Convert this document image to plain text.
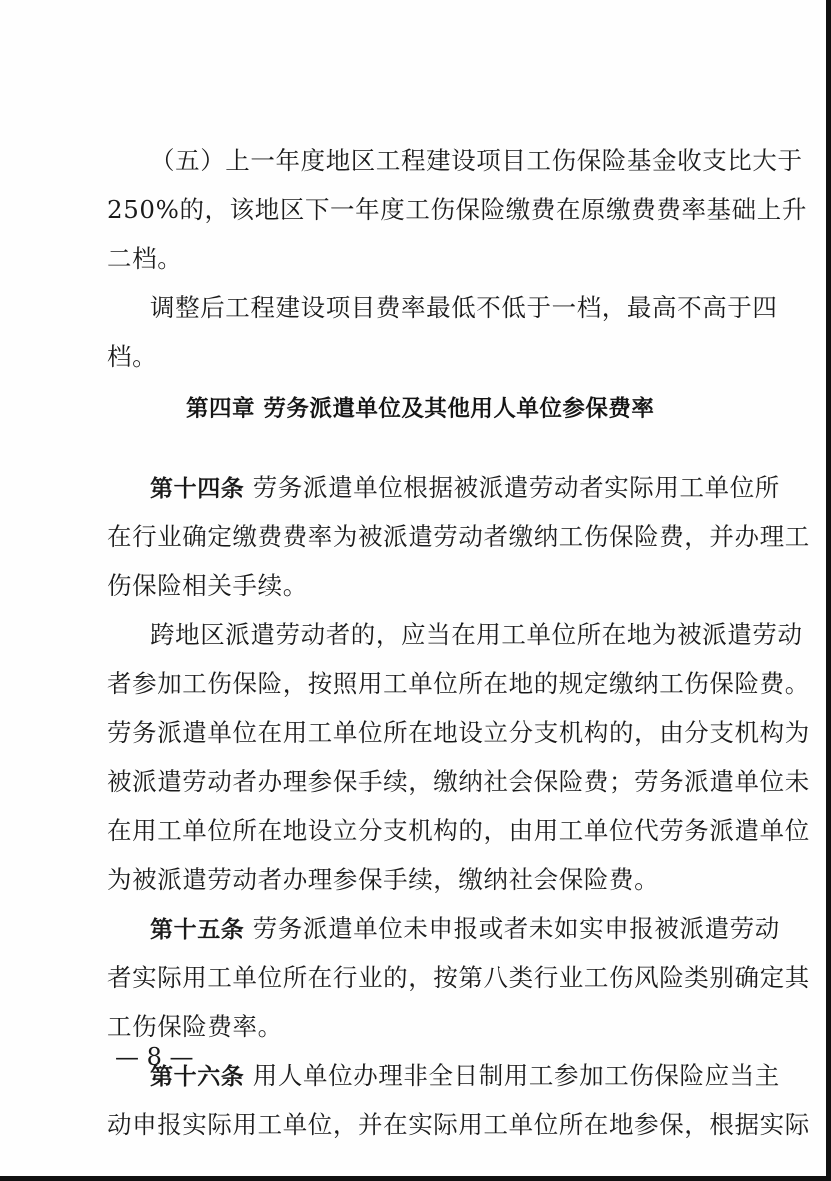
（五）上一年度地区工程建设项目工伤保险基金收支比大于
250%的，该地区下一年度工伤保险缴费在原缴费费率基础上升
二档。
调整后工程建设项目费率最低不低于一档，最高不高于四
档。
第四章 劳务派遣单位及其他用人单位参保费率
第十四条 劳务派遣单位根据被派遣劳动者实际用工单位所
在行业确定缴费费率为被派遣劳动者缴纳工伤保险费，并办理工
伤保险相关手续。
跨地区派遣劳动者的，应当在用工单位所在地为被派遣劳动
者参加工伤保险，按照用工单位所在地的规定缴纳工伤保险费。
劳务派遣单位在用工单位所在地设立分支机构的，由分支机构为
被派遣劳动者办理参保手续，缴纳社会保险费；劳务派遣单位未
在用工单位所在地设立分支机构的，由用工单位代劳务派遣单位
为被派遣劳动者办理参保手续，缴纳社会保险费。
第十五条 劳务派遣单位未申报或者未如实申报被派遣劳动
者实际用工单位所在行业的，按第八类行业工伤风险类别确定其
工伤保险费率。
第十六条 用人单位办理非全日制用工参加工伤保险应当主
动申报实际用工单位，并在实际用工单位所在地参保，根据实际
— 8 —
